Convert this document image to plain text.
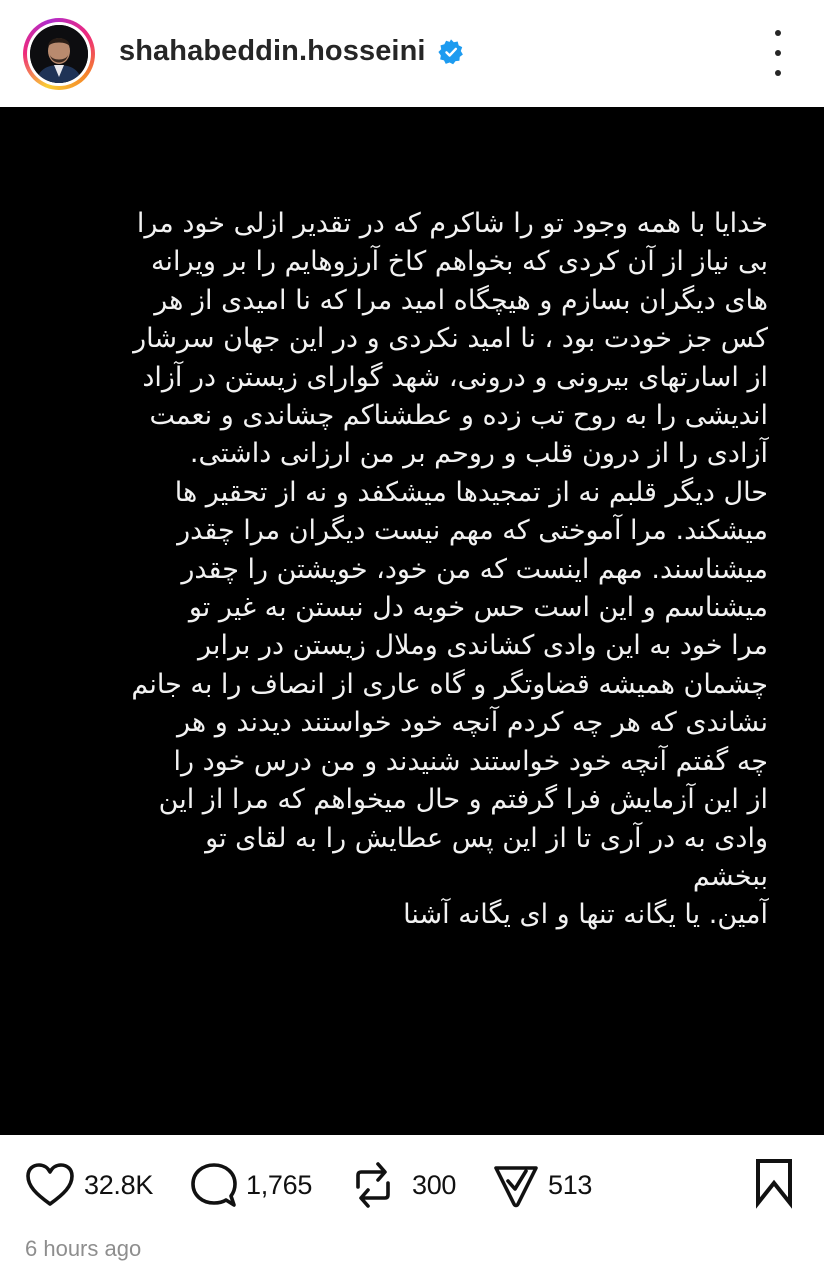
shahabeddin.hosseini
خدایا با همه وجود تو را شاکرم که در تقدیر ازلی خود مرا
بی نیاز از آن کردی که بخواهم کاخ آرزوهایم را بر ویرانه
های دیگران بسازم و هیچگاه امید مرا که نا امیدی از هر
کس جز خودت بود ، نا امید نکردی و در این جهان سرشار
از اسارتهای بیرونی و درونی، شهد گوارای زیستن در آزاد
اندیشی را به روح تب زده و عطشناکم چشاندی و نعمت
آزادی را از درون قلب و روحم بر من ارزانی داشتی.
حال دیگر قلبم نه از تمجیدها میشکفد و نه از تحقیر ها
میشکند. مرا آموختی که مهم نیست دیگران مرا چقدر
میشناسند. مهم اینست که من خود، خویشتن را چقدر
میشناسم و این است حس خوبه دل نبستن به غیر تو
مرا خود به این وادی کشاندی وملال زیستن در برابر
چشمان همیشه قضاوتگر و گاه عاری از انصاف را به جانم
نشاندی که هر چه کردم آنچه خود خواستند دیدند و هر
چه گفتم آنچه خود خواستند شنیدند و من درس خود را
از این آزمایش فرا گرفتم و حال میخواهم که مرا از این
وادی به در آری تا از این پس عطایش را به لقای تو
ببخشم
آمین. یا یگانه تنها و ای یگانه آشنا
32.8K	1,765	300	513
6 hours ago
